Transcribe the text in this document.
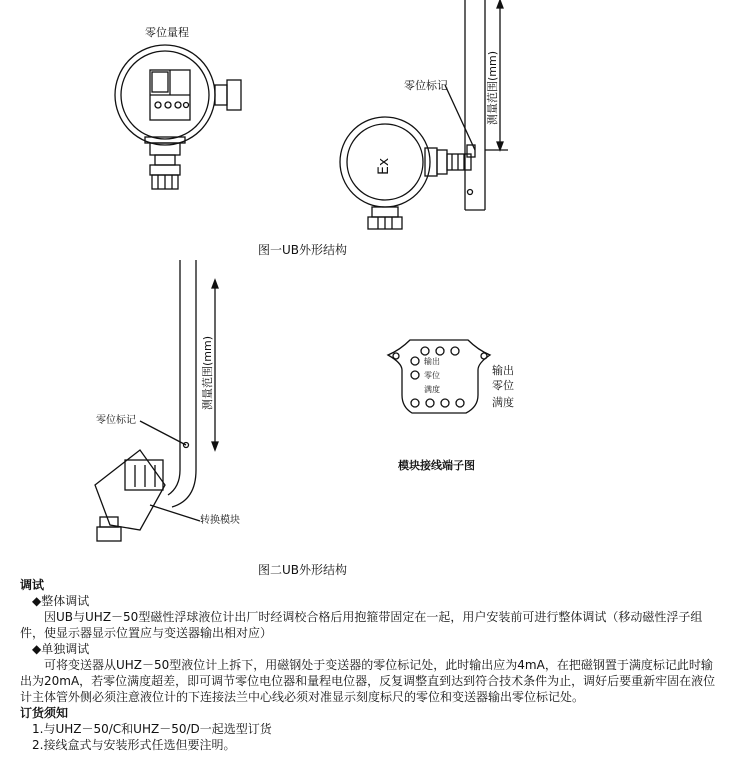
零位量程
零位标记	测量范围(mm)
Ex
图一UB外形结构
零位标记
转换模块
测量范围(mm)	输出
零位
满度
输出
零位
满度
模块接线端子图
图二UB外形结构
调试
◆整体调试
因UB与UHZ－50型磁性浮球液位计出厂时经调校合格后用抱箍带固定在一起，用户安装前可进行整体调试（移动磁性浮子组件，使显示器显示位置应与变送器输出相对应）
◆单独调试
可将变送器从UHZ－50型液位计上拆下，用磁钢处于变送器的零位标记处，此时输出应为4mA，在把磁钢置于满度标记此时输出为20mA，若零位满度超差，即可调节零位电位器和量程电位器，反复调整直到达到符合技术条件为止，调好后要重新牢固在液位计主体管外侧必须注意液位计的下连接法兰中心线必须对准显示刻度标尺的零位和变送器输出零位标记处。
订货须知
1.与UHZ－50/C和UHZ－50/D一起选型订货
2.接线盒式与安装形式任选但要注明。
